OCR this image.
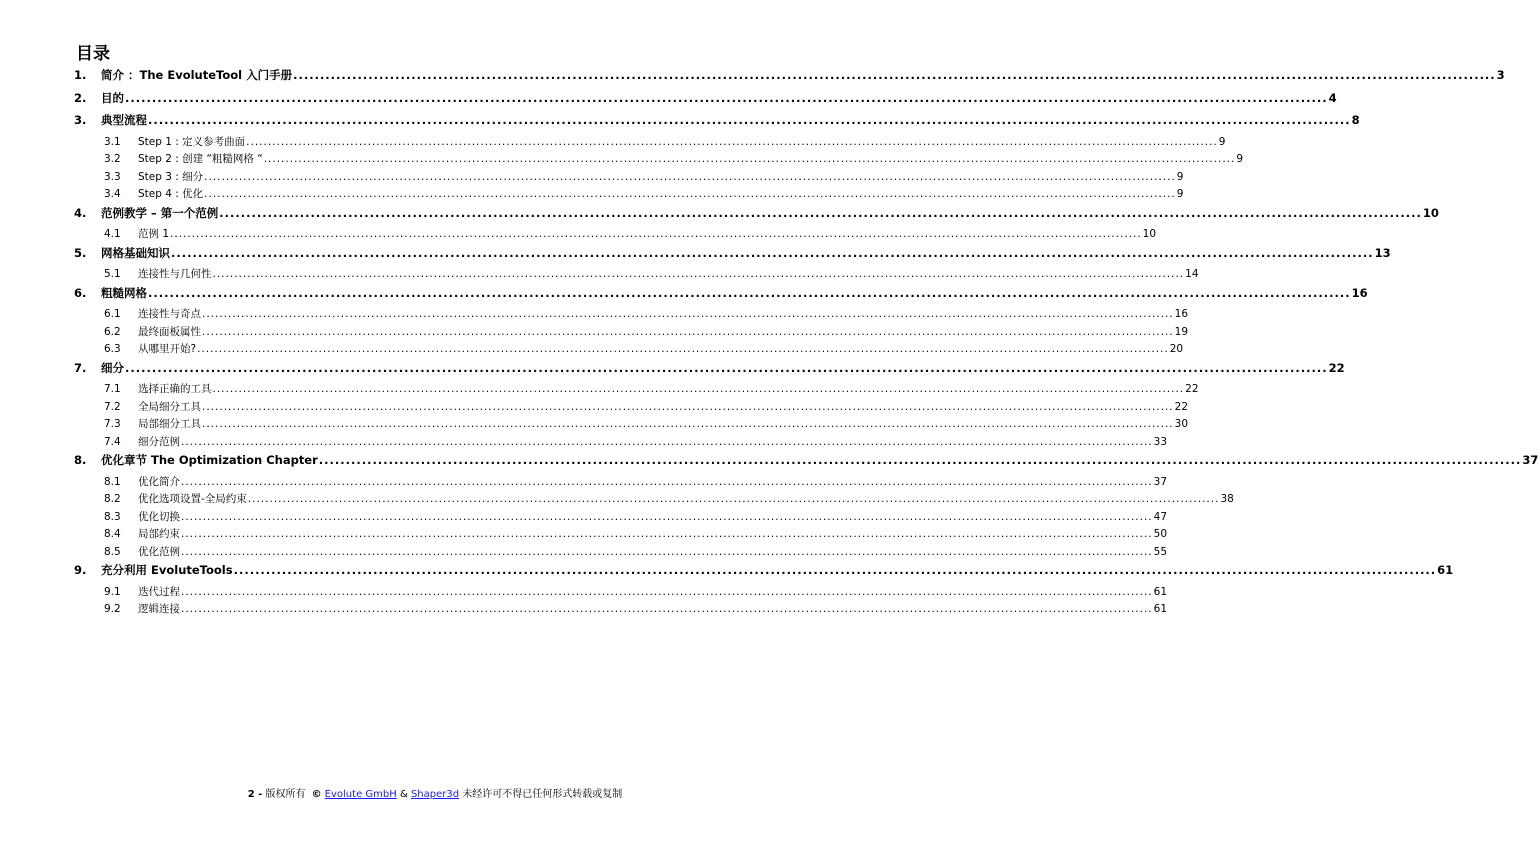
目录
1.	简介 ：The EvoluteTool 入门手册 .....	3
2.	目的 .....	4
3.	典型流程 .....	8
3.1	Step 1 : 定义参考曲面 .....	9
3.2	Step 2 : 创建 “粗糙网格 “ .....	9
3.3	Step 3 : 细分 .....	9
3.4	Step 4 : 优化 .....	9
4.	范例教学 – 第一个范例 .....	10
4.1	范例 1 .....	10
5.	网格基础知识 .....	13
5.1	连接性与几何性 .....	14
6.	粗糙网格 .....	16
6.1	连接性与奇点 .....	16
6.2	最终面板属性 .....	19
6.3	从哪里开始? .....	20
7.	细分 .....	22
7.1	选择正确的工具 .....	22
7.2	全局细分工具 .....	22
7.3	局部细分工具 .....	30
7.4	细分范例 .....	33
8.	优化章节 The Optimization Chapter .....	37
8.1	优化简介 .....	37
8.2	优化选项设置-全局约束 .....	38
8.3	优化切换 .....	47
8.4	局部约束 .....	50
8.5	优化范例 .....	55
9.	充分利用 EvoluteTools .....	61
9.1	迭代过程 .....	61
9.2	逻辑连接 .....	61
2 - 版权所有 © Evolute GmbH & Shaper3d 未经许可不得已任何形式转载或复制
